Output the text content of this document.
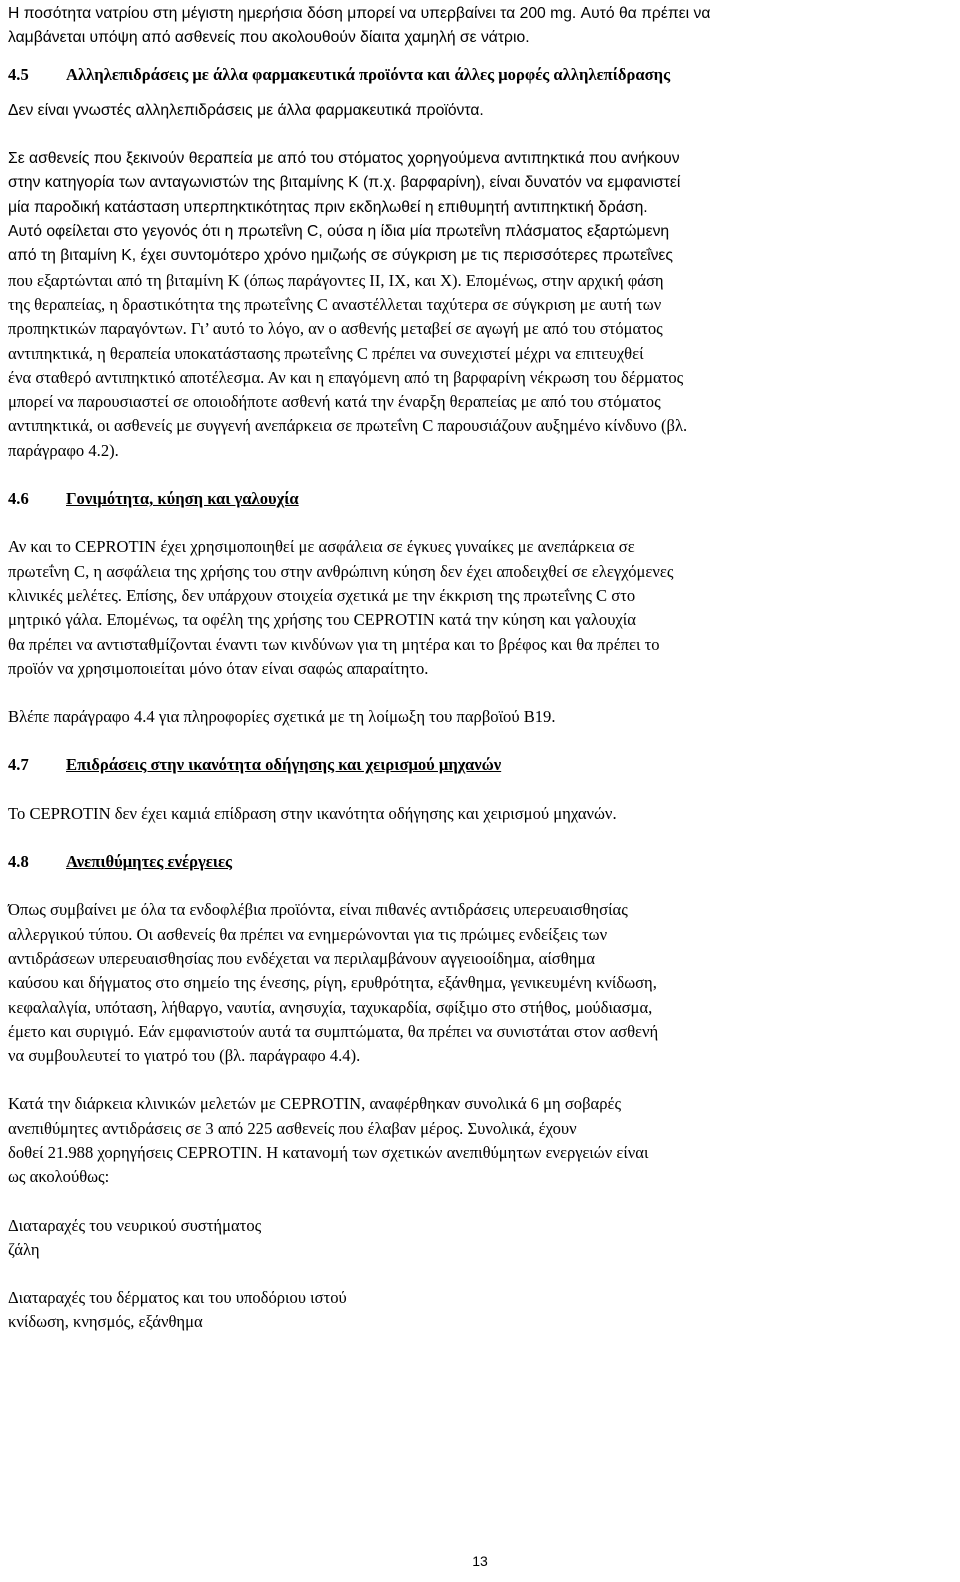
Η ποσότητα νατρίου στη μέγιστη ημερήσια δόση μπορεί να υπερβαίνει τα 200 mg. Αυτό θα πρέπει να

λαμβάνεται υπόψη από ασθενείς που ακολουθούν δίαιτα χαμηλή σε νάτριο.

4.5 Αλληλεπιδράσεις με άλλα φαρμακευτικά προϊόντα και άλλες μορφές αλληλεπίδρασης

Δεν είναι γνωστές αλληλεπιδράσεις με άλλα φαρμακευτικά προϊόντα.

Σε ασθενείς που ξεκινούν θεραπεία με από του στόματος χορηγούμενα αντιπηκτικά που ανήκουν

στην κατηγορία των ανταγωνιστών της βιταμίνης Κ (π.χ. βαρφαρίνη), είναι δυνατόν να εμφανιστεί

μία παροδική κατάσταση υπερπηκτικότητας πριν εκδηλωθεί η επιθυμητή αντιπηκτική δράση.

Αυτό οφείλεται στο γεγονός ότι η πρωτεΐνη C, ούσα η ίδια μία πρωτεΐνη πλάσματος εξαρτώμενη

από τη βιταμίνη Κ, έχει συντομότερο χρόνο ημιζωής σε σύγκριση με τις περισσότερες πρωτεΐνες

που εξαρτώνται από τη βιταμίνη K (όπως παράγοντες II, IX, και X). Επομένως, στην αρχική φάση

της θεραπείας, η δραστικότητα της πρωτεΐνης C αναστέλλεται ταχύτερα σε σύγκριση με αυτή των

προπηκτικών παραγόντων. Γι’ αυτό το λόγο, αν ο ασθενής μεταβεί σε αγωγή με από του στόματος

αντιπηκτικά, η θεραπεία υποκατάστασης πρωτεΐνης C πρέπει να συνεχιστεί μέχρι να επιτευχθεί

ένα σταθερό αντιπηκτικό αποτέλεσμα. Αν και η επαγόμενη από τη βαρφαρίνη νέκρωση του δέρματος

μπορεί να παρουσιαστεί σε οποιοδήποτε ασθενή κατά την έναρξη θεραπείας με από του στόματος

αντιπηκτικά, οι ασθενείς με συγγενή ανεπάρκεια σε πρωτεΐνη C παρουσιάζουν αυξημένο κίνδυνο (βλ.

παράγραφο 4.2).

4.6 Γονιμότητα, κύηση και γαλουχία

Αν και το CEPROTIN έχει χρησιμοποιηθεί με ασφάλεια σε έγκυες γυναίκες με ανεπάρκεια σε

πρωτεΐνη C, η ασφάλεια της χρήσης του στην ανθρώπινη κύηση δεν έχει αποδειχθεί σε ελεγχόμενες

κλινικές μελέτες. Επίσης, δεν υπάρχουν στοιχεία σχετικά με την έκκριση της πρωτεΐνης C στο

μητρικό γάλα. Επομένως, τα οφέλη της χρήσης του CEPROTIN κατά την κύηση και γαλουχία

θα πρέπει να αντισταθμίζονται έναντι των κινδύνων για τη μητέρα και το βρέφος και θα πρέπει το

προϊόν να χρησιμοποιείται μόνο όταν είναι σαφώς απαραίτητο.

Βλέπε παράγραφο 4.4 για πληροφορίες σχετικά με τη λοίμωξη του παρβοϊού Β19.

4.7 Επιδράσεις στην ικανότητα οδήγησης και χειρισμού μηχανών

Το CEPROTIN δεν έχει καμιά επίδραση στην ικανότητα οδήγησης και χειρισμού μηχανών.

4.8 Ανεπιθύμητες ενέργειες

Όπως συμβαίνει με όλα τα ενδοφλέβια προϊόντα, είναι πιθανές αντιδράσεις υπερευαισθησίας

αλλεργικού τύπου. Οι ασθενείς θα πρέπει να ενημερώνονται για τις πρώιμες ενδείξεις των

αντιδράσεων υπερευαισθησίας που ενδέχεται να περιλαμβάνουν αγγειοοίδημα, αίσθημα

καύσου και δήγματος στο σημείο της ένεσης, ρίγη, ερυθρότητα, εξάνθημα, γενικευμένη κνίδωση,

κεφαλαλγία, υπόταση, λήθαργο, ναυτία, ανησυχία, ταχυκαρδία, σφίξιμο στο στήθος, μούδιασμα,

έμετο και συριγμό. Εάν εμφανιστούν αυτά τα συμπτώματα, θα πρέπει να συνιστάται στον ασθενή

να συμβουλευτεί το γιατρό του (βλ. παράγραφο 4.4).

Κατά την διάρκεια κλινικών μελετών με CEPROTIN, αναφέρθηκαν συνολικά 6 μη σοβαρές

ανεπιθύμητες αντιδράσεις σε 3 από 225 ασθενείς που έλαβαν μέρος. Συνολικά, έχουν

δοθεί 21.988 χορηγήσεις CEPROTIN. Η κατανομή των σχετικών ανεπιθύμητων ενεργειών είναι

ως ακολούθως:

Διαταραχές του νευρικού συστήματος

ζάλη

Διαταραχές του δέρματος και του υποδόριου ιστού

κνίδωση, κνησμός, εξάνθημα

13
